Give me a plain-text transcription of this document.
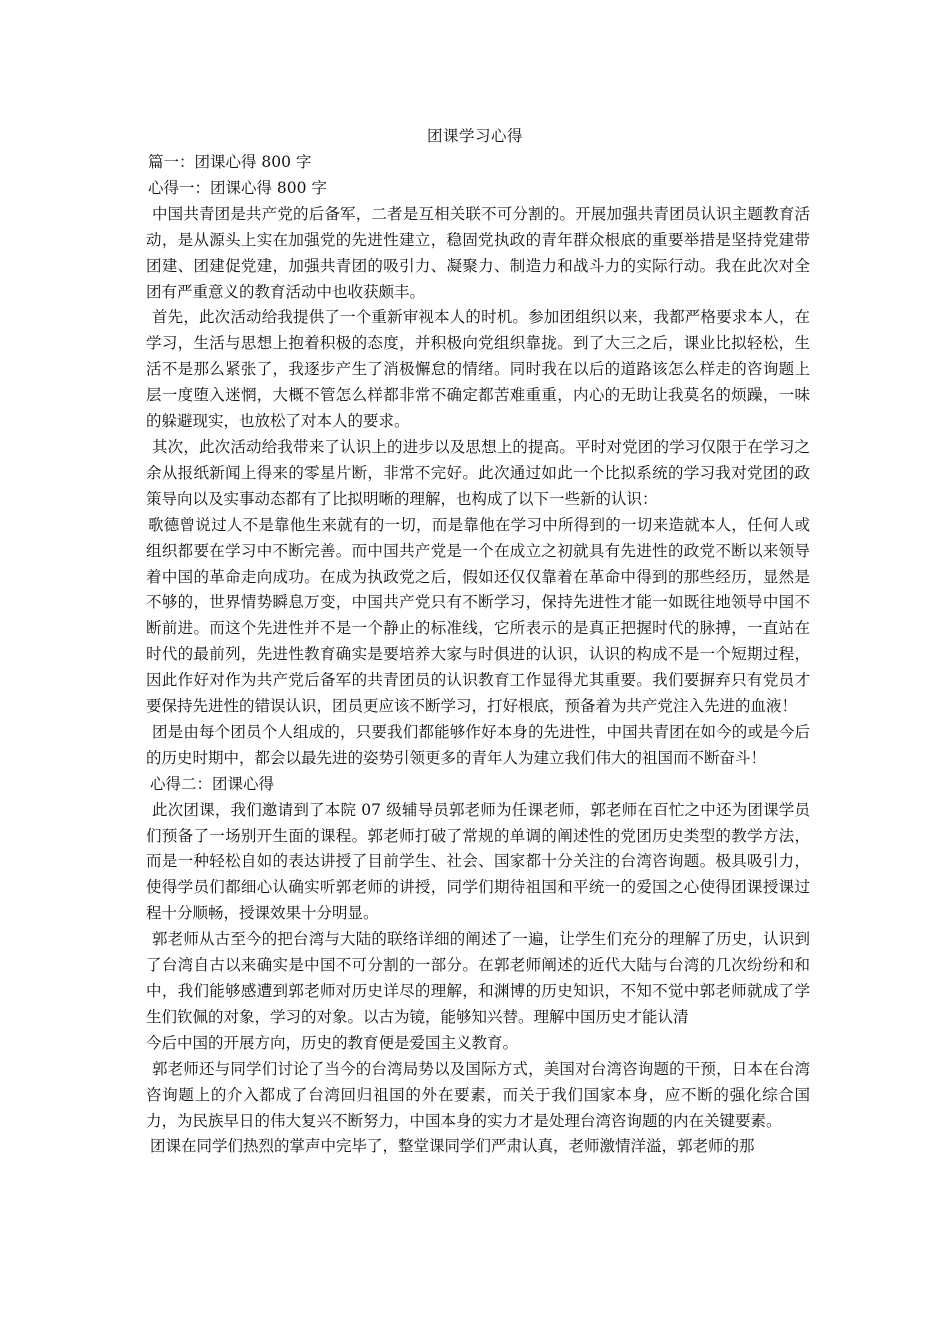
团课学习心得

篇一：团课心得 800 字

心得一：团课心得 800 字

中国共青团是共产党的后备军，二者是互相关联不可分割的。开展加强共青团员认识主题教育活动，是从源头上实在加强党的先进性建立，稳固党执政的青年群众根底的重要举措是坚持党建带团建、团建促党建，加强共青团的吸引力、凝聚力、制造力和战斗力的实际行动。我在此次对全团有严重意义的教育活动中也收获颇丰。

首先，此次活动给我提供了一个重新审视本人的时机。参加团组织以来，我都严格要求本人，在学习，生活与思想上抱着积极的态度，并积极向党组织靠拢。到了大三之后，课业比拟轻松，生活不是那么紧张了，我逐步产生了消极懈怠的情绪。同时我在以后的道路该怎么样走的咨询题上层一度堕入迷惘，大概不管怎么样都非常不确定都苦难重重，内心的无助让我莫名的烦躁，一味的躲避现实，也放松了对本人的要求。

其次，此次活动给我带来了认识上的进步以及思想上的提高。平时对党团的学习仅限于在学习之余从报纸新闻上得来的零星片断，非常不完好。此次通过如此一个比拟系统的学习我对党团的政策导向以及实事动态都有了比拟明晰的理解，也构成了以下一些新的认识：

歌德曾说过人不是靠他生来就有的一切，而是靠他在学习中所得到的一切来造就本人，任何人或组织都要在学习中不断完善。而中国共产党是一个在成立之初就具有先进性的政党不断以来领导着中国的革命走向成功。在成为执政党之后，假如还仅仅靠着在革命中得到的那些经历，显然是不够的，世界情势瞬息万变，中国共产党只有不断学习，保持先进性才能一如既往地领导中国不断前进。而这个先进性并不是一个静止的标准线，它所表示的是真正把握时代的脉搏，一直站在时代的最前列，先进性教育确实是要培养大家与时俱进的认识，认识的构成不是一个短期过程，因此作好对作为共产党后备军的共青团员的认识教育工作显得尤其重要。我们要摒弃只有党员才要保持先进性的错误认识，团员更应该不断学习，打好根底，预备着为共产党注入先进的血液！

团是由每个团员个人组成的，只要我们都能够作好本身的先进性，中国共青团在如今的或是今后的历史时期中，都会以最先进的姿势引领更多的青年人为建立我们伟大的祖国而不断奋斗！

心得二：团课心得

此次团课，我们邀请到了本院 07 级辅导员郭老师为任课老师，郭老师在百忙之中还为团课学员们预备了一场别开生面的课程。郭老师打破了常规的单调的阐述性的党团历史类型的教学方法，而是一种轻松自如的表达讲授了目前学生、社会、国家都十分关注的台湾咨询题。极具吸引力，使得学员们都细心认确实听郭老师的讲授，同学们期待祖国和平统一的爱国之心使得团课授课过程十分顺畅，授课效果十分明显。

郭老师从古至今的把台湾与大陆的联络详细的阐述了一遍，让学生们充分的理解了历史，认识到了台湾自古以来确实是中国不可分割的一部分。在郭老师阐述的近代大陆与台湾的几次纷纷和和中，我们能够感遭到郭老师对历史详尽的理解，和渊博的历史知识，不知不觉中郭老师就成了学生们钦佩的对象，学习的对象。以古为镜，能够知兴替。理解中国历史才能认清

今后中国的开展方向，历史的教育便是爱国主义教育。

郭老师还与同学们讨论了当今的台湾局势以及国际方式，美国对台湾咨询题的干预，日本在台湾咨询题上的介入都成了台湾回归祖国的外在要素，而关于我们国家本身，应不断的强化综合国力，为民族早日的伟大复兴不断努力，中国本身的实力才是处理台湾咨询题的内在关键要素。

团课在同学们热烈的掌声中完毕了，整堂课同学们严肃认真，老师激情洋溢，郭老师的那
